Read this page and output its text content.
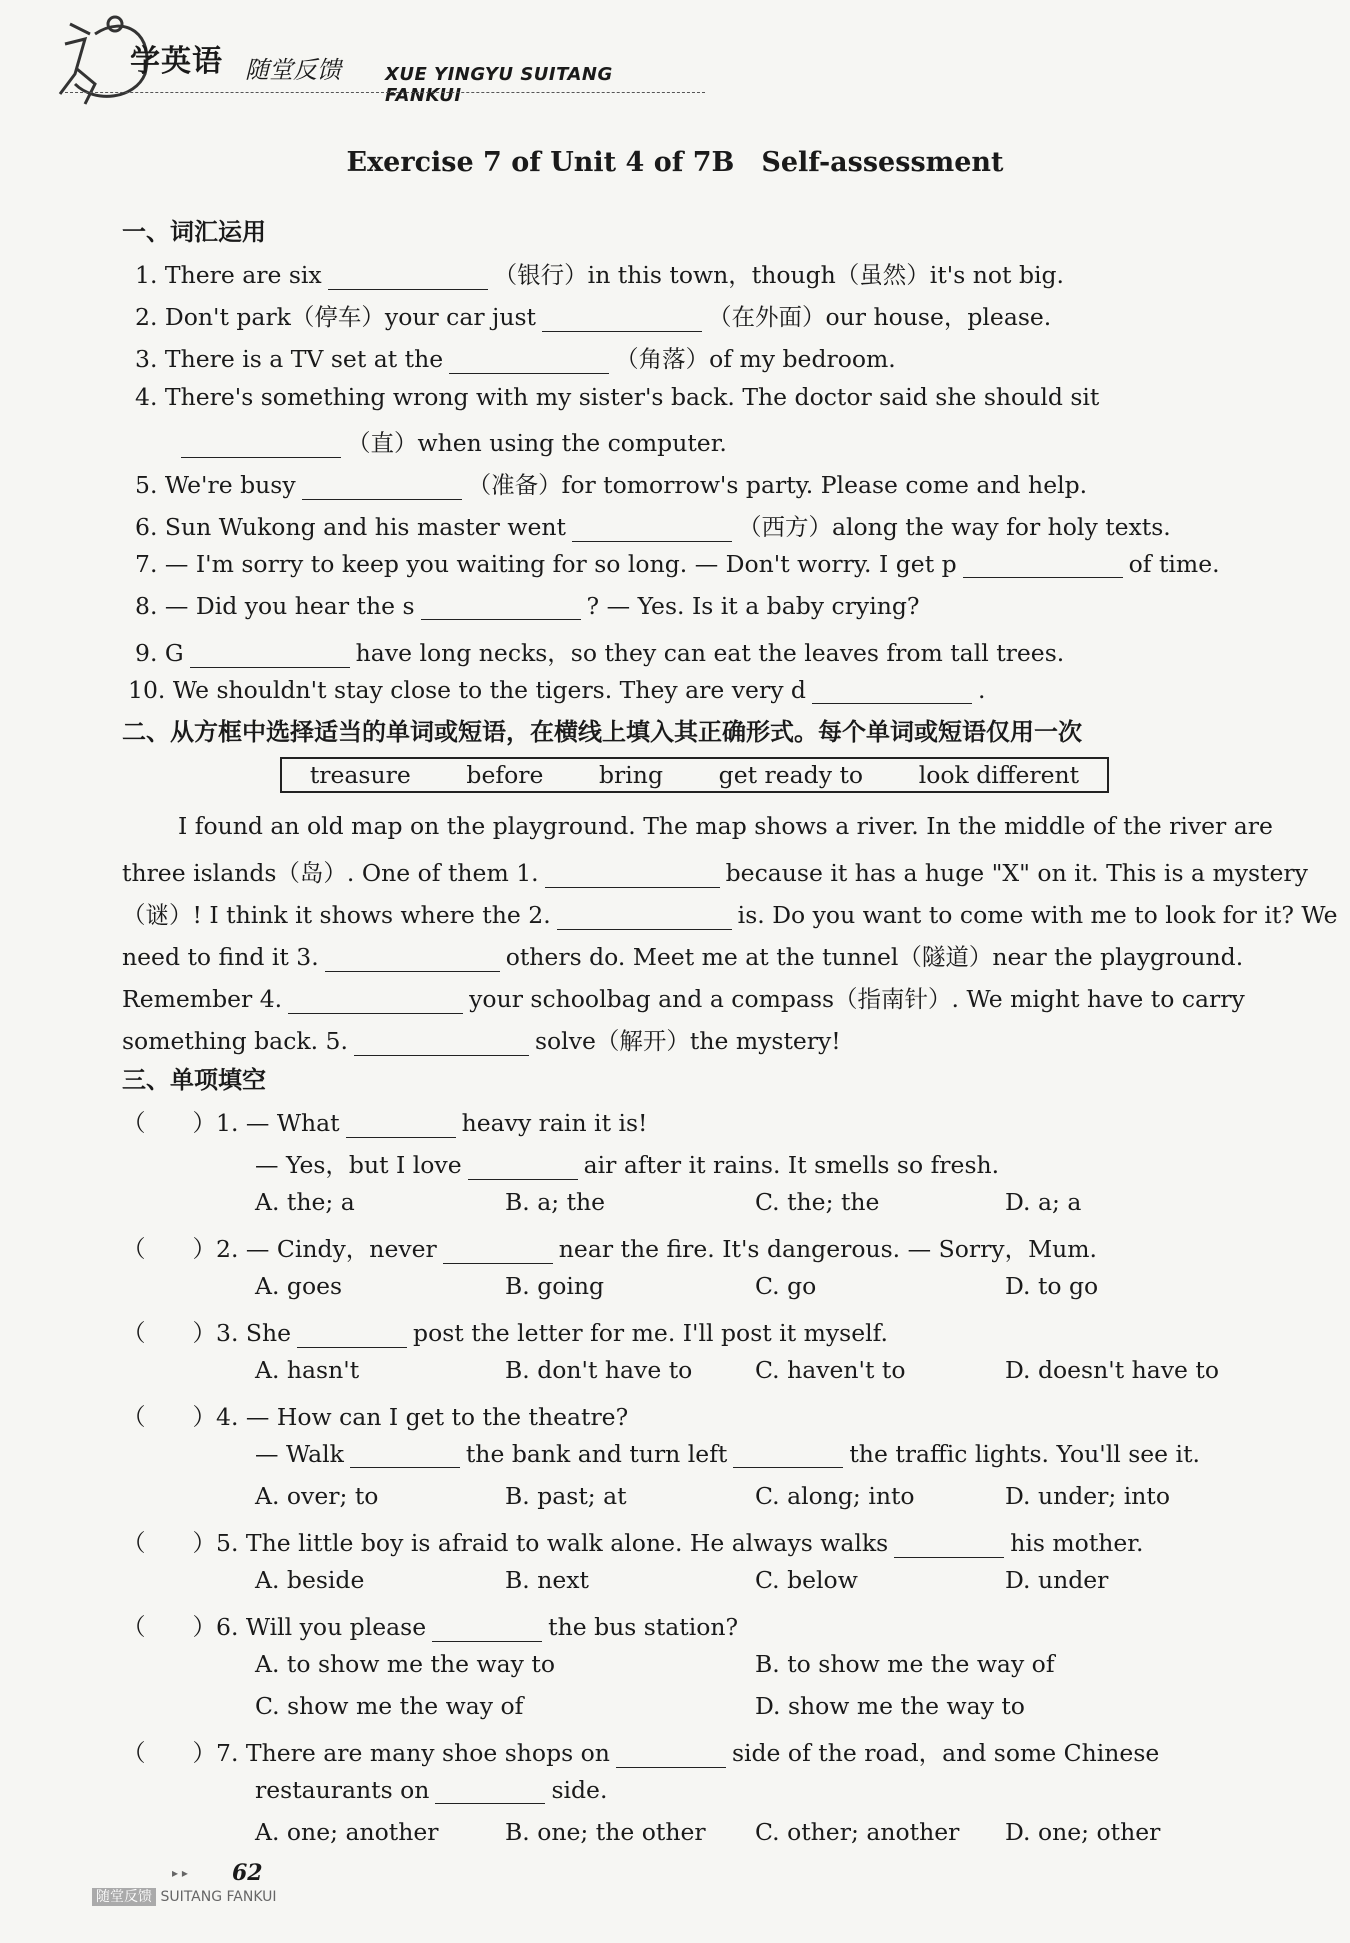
学英语 随堂反馈 XUE YINGYU SUITANG FANKUI
Exercise 7 of Unit 4 of 7B　Self-assessment
一、词汇运用
1. There are six	（银行）in this town，though（虽然）it's not big.
2. Don't park（停车）your car just	（在外面）our house，please.
3. There is a TV set at the	（角落）of my bedroom.
4. There's something wrong with my sister's back. The doctor said she should sit
（直）when using the computer.
5. We're busy	（准备）for tomorrow's party. Please come and help.
6. Sun Wukong and his master went	（西方）along the way for holy texts.
7. — I'm sorry to keep you waiting for so long. — Don't worry. I get p	of time.
8. — Did you hear the s	? — Yes. Is it a baby crying?
9. G	have long necks，so they can eat the leaves from tall trees.
10. We shouldn't stay close to the tigers. They are very d	.
二、从方框中选择适当的单词或短语，在横线上填入其正确形式。每个单词或短语仅用一次
treasure before bring get ready to look different
I found an old map on the playground. The map shows a river. In the middle of the river are
three islands（岛）. One of them 1.	because it has a huge "X" on it. This is a mystery
（谜）! I think it shows where the 2.	is. Do you want to come with me to look for it? We
need to find it 3.	others do. Meet me at the tunnel（隧道）near the playground.
Remember 4.	your schoolbag and a compass（指南针）. We might have to carry
something back. 5.	solve（解开）the mystery!
三、单项填空
（　　）1. — What	heavy rain it is!
— Yes，but I love	air after it rains. It smells so fresh.
A. the; a	B. a; the	C. the; the	D. a; a
（　　）2. — Cindy，never	near the fire. It's dangerous. — Sorry，Mum.
A. goes	B. going	C. go	D. to go
（　　）3. She	post the letter for me. I'll post it myself.
A. hasn't	B. don't have to	C. haven't to	D. doesn't have to
（　　）4. — How can I get to the theatre?
— Walk	the bank and turn left	the traffic lights. You'll see it.
A. over; to	B. past; at	C. along; into	D. under; into
（　　）5. The little boy is afraid to walk alone. He always walks	his mother.
A. beside	B. next	C. below	D. under
（　　）6. Will you please	the bus station?
A. to show me the way to	B. to show me the way of
C. show me the way of	D. show me the way to
（　　）7. There are many shoe shops on	side of the road，and some Chinese
restaurants on	side.
A. one; another	B. one; the other C. other; another D. one; other
▸ ▸ 62
随堂反馈 SUITANG FANKUI
